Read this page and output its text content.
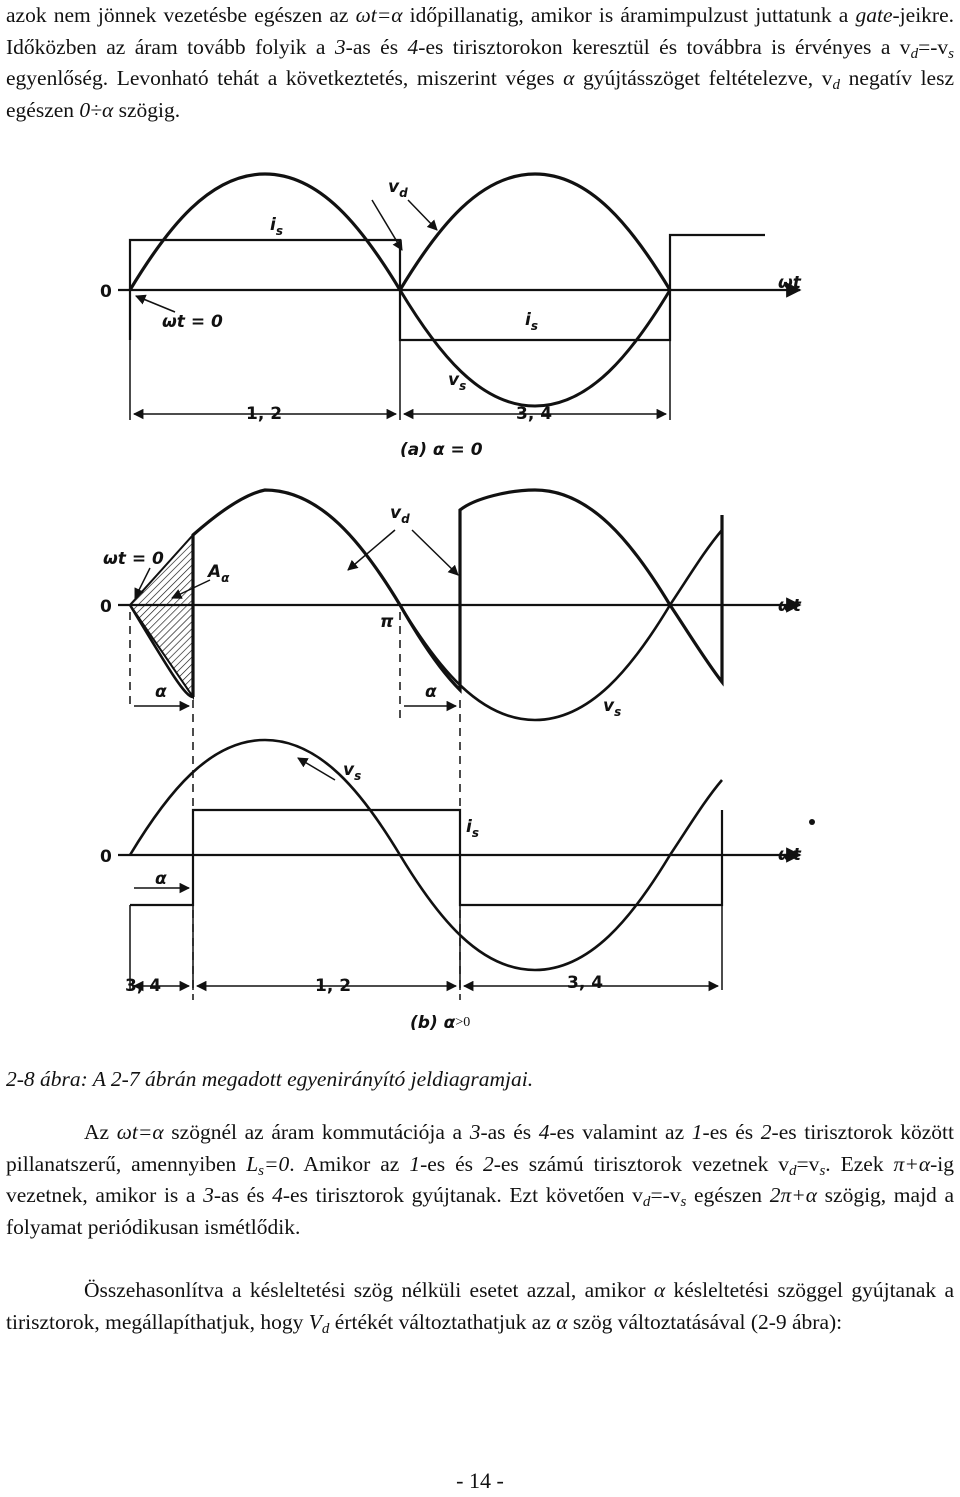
azok nem jönnek vezetésbe egészen az ωt=α időpillanatig, amikor is áramimpulzust juttatunk a gate-jeikre. Időközben az áram tovább folyik a 3-as és 4-es tirisztorokon keresztül és továbbra is érvényes a $v_d=-v_s$ egyenlőség. Levonható tehát a következtetés, miszerint véges α gyújtásszöget feltételezve, $v_d$ negatív lesz egészen 0÷α szögig.

$v_d$
$i_s$
0	ωt
ωt = 0	$i_s$
$v_s$
1, 2	3, 4
(a) α = 0
ωt = 0
$v_d$
$A_\alpha$
0
π
ωt
α	α
$v_s$
$v_s$
$i_s$
0	ωt
α
3, 4	1, 2	3, 4
(b) α>0
2-8 ábra: A 2-7 ábrán megadott egyenirányító jeldiagramjai.

Az ωt=α szögnél az áram kommutációja a 3-as és 4-es valamint az 1-es és 2-es tirisztorok között pillanatszerű, amennyiben $L_s=0$. Amikor az 1-es és 2-es számú tirisztorok vezetnek $v_d=v_s$. Ezek π+α-ig vezetnek, amikor is a 3-as és 4-es tirisztorok gyújtanak. Ezt követően $v_d=-v_s$ egészen 2π+α szögig, majd a folyamat periódikusan ismétlődik.

Összehasonlítva a késleltetési szög nélküli esetet azzal, amikor α késleltetési szöggel gyújtanak a tirisztorok, megállapíthatjuk, hogy $V_d$ értékét változtathatjuk az α szög változtatásával (2-9 ábra):

- 14 -
